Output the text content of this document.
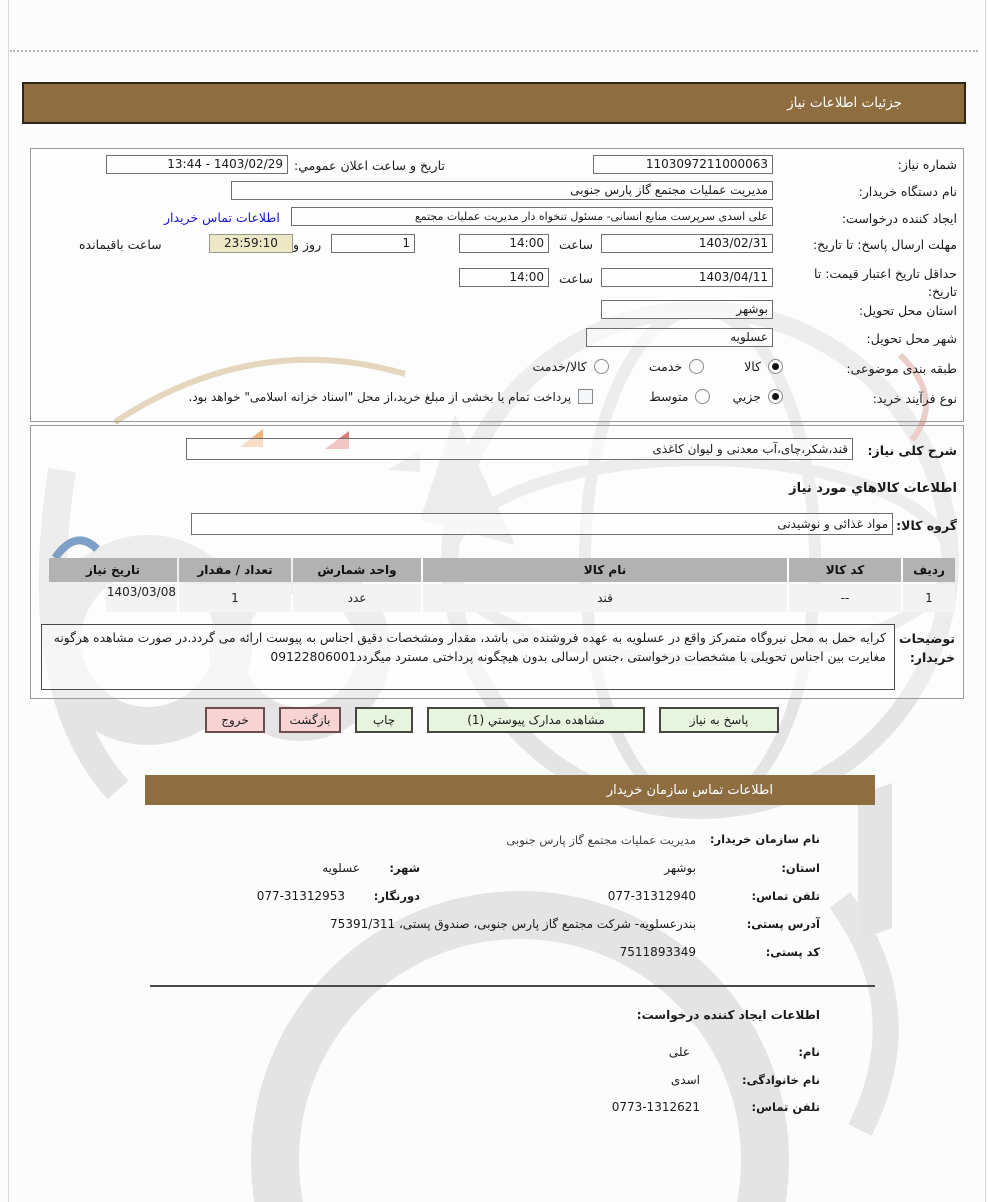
جزئیات اطلاعات نیاز
شماره نیاز:
1103097211000063
تاریخ و ساعت اعلان عمومي:
13:44 - 1403/02/29
نام دستگاه خریدار:
مدیریت عملیات مجتمع گاز پارس جنوبی
ایجاد کننده درخواست:
علی اسدی سرپرست منابع انسانی- مسئول تنخواه دار مدیریت عملیات مجتمع
اطلاعات تماس خریدار
مهلت ارسال پاسخ: تا تاریخ:
1403/02/31
ساعت
14:00
1
روز و
23:59:10
ساعت باقیمانده
حداقل تاریخ اعتبار قیمت: تا تاریخ:
1403/04/11
ساعت
14:00
استان محل تحویل:
بوشهر
شهر محل تحویل:
عسلویه
طبقه بندی موضوعی:
کالا
خدمت
کالا/خدمت
نوع فرآیند خرید:
جزيي
متوسط
پرداخت تمام یا بخشی از مبلغ خرید،از محل "اسناد خزانه اسلامی" خواهد بود.
شرح کلی نیاز:
قند،شکر،چای،آب معدنی و لیوان کاغذی
اطلاعات کالاهاي مورد نیاز
گروه کالا:
مواد غذائی و نوشیدنی
ردیف	کد کالا	نام کالا	واحد شمارش	تعداد / مقدار	تاریخ نیاز
1	--	قند	عدد	1	1403/03/08
توضیحات خریدار:
کرایه حمل به محل نیروگاه متمرکز واقع در عسلویه به عهده فروشنده می باشد، مقدار ومشخصات دقیق اجناس به پیوست ارائه می گردد.در صورت مشاهده هرگونه مغایرت بین اجناس تحویلی با مشخصات درخواستی ،جنس ارسالی بدون هیچگونه پرداختی مسترد میگردد09122806001
پاسخ به نیاز
مشاهده مدارک پیوستي (1)
چاپ
بازگشت
خروج
اطلاعات تماس سازمان خریدار
نام سازمان خریدار:
مدیریت عملیات مجتمع گاز پارس جنوبی
استان:
بوشهر
شهر:
عسلویه
تلفن تماس:
077-31312940
دورنگار:
077-31312953
آدرس پستی:
بندرعسلویه- شرکت مجتمع گاز پارس جنوبی، صندوق پستی، 75391/311
کد پستی:
7511893349
اطلاعات ایجاد کننده درخواست:
نام:
علی
نام خانوادگی:
اسدی
تلفن تماس:
0773-1312621
